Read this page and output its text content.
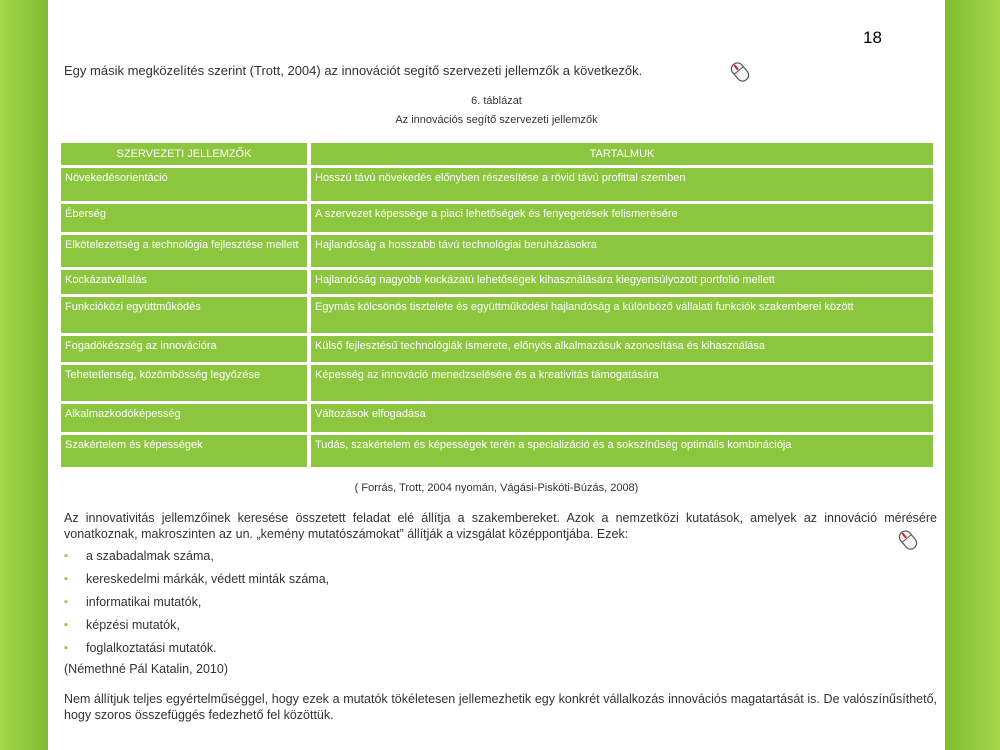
18
Egy másik megközelítés szerint (Trott, 2004) az innovációt segítő szervezeti jellemzők a következők.
6. táblázat
Az innovációs segítő szervezeti jellemzők
SZERVEZETI JELLEMZŐK	TARTALMUK
Növekedésorientáció	Hosszú távú növekedés előnyben részesítése a rövid távú profittal szemben
Éberség	A szervezet képessége a piaci lehetőségek és fenyegetések felismerésére
Elkötelezettség a technológia fejlesztése mellett	Hajlandóság a hosszabb távú technológiai beruházásokra
Kockázatvállalás	Hajlandóság nagyobb kockázatú lehetőségek kihasználására kiegyensúlyozott portfolió mellett
Funkcióközi együttműködés	Egymás kölcsönös tisztelete és együttműködési hajlandóság a különböző vállalati funkciók szakemberei között
Fogadókészség az innovációra	Külső fejlesztésű technológiák ismerete, előnyös alkalmazásuk azonosítása és kihasználása
Tehetetlenség, közömbösség legyőzése	Képesség az innováció menedzselésére és a kreativitás támogatására
Alkalmazkodóképesség	Változások elfogadása
Szakértelem és képességek	Tudás, szakértelem és képességek terén a specializáció és a sokszínűség optimális kombinációja
( Forrás, Trott, 2004 nyomán, Vágási-Piskóti-Búzás, 2008)
Az innovativitás jellemzőinek keresése összetett feladat elé állítja a szakembereket. Azok a nemzetközi kutatások, amelyek az innováció mérésére vonatkoznak, makroszinten az un. „kemény mutatószámokat” állítják a vizsgálat középpontjába. Ezek:
▪ a szabadalmak száma,
▪ kereskedelmi márkák, védett minták száma,
▪ informatikai mutatók,
▪ képzési mutatók,
▪ foglalkoztatási mutatók.
(Némethné Pál Katalin, 2010)
Nem állítjuk teljes egyértelműséggel, hogy ezek a mutatók tökéletesen jellemezhetik egy konkrét vállalkozás innovációs magatartását is. De valószínűsíthető, hogy szoros összefüggés fedezhető fel közöttük.
